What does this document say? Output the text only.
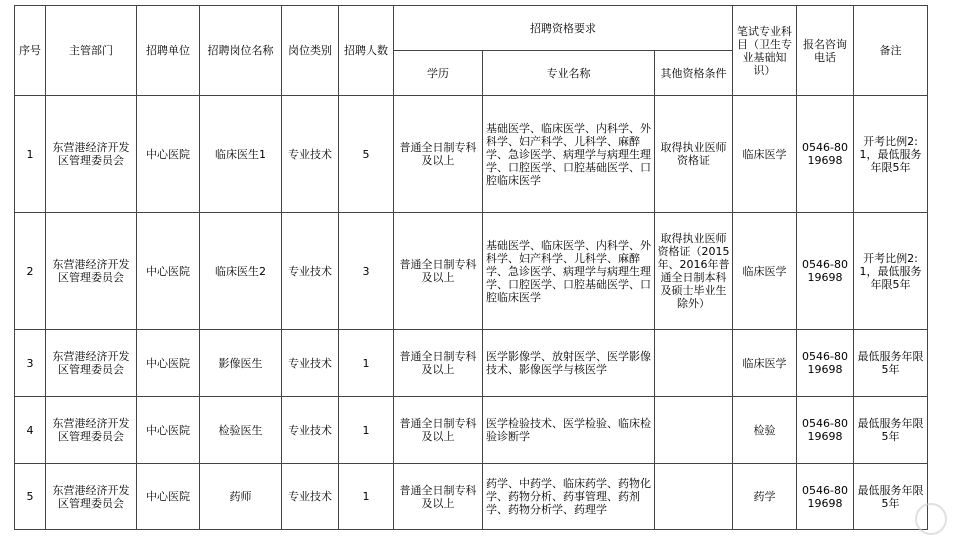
序号	主管部门	招聘单位	招聘岗位名称	岗位类别	招聘人数	招聘资格要求			笔试专业科目（卫生专业基础知识）	报名咨询电话	备注
						学历	专业名称	其他资格条件			
1	东营港经济开发区管理委员会	中心医院	临床医生1	专业技术	5	普通全日制专科及以上	基础医学、临床医学、内科学、外科学、妇产科学、儿科学、麻醉学、急诊医学、病理学与病理生理学、口腔医学、口腔基础医学、口腔临床医学	取得执业医师资格证	临床医学	0546-8019698	开考比例2:1，最低服务年限5年
2	东营港经济开发区管理委员会	中心医院	临床医生2	专业技术	3	普通全日制专科及以上	基础医学、临床医学、内科学、外科学、妇产科学、儿科学、麻醉学、急诊医学、病理学与病理生理学、口腔医学、口腔基础医学、口腔临床医学	取得执业医师资格证（2015年、2016年普通全日制本科及硕士毕业生除外）	临床医学	0546-8019698	开考比例2:1，最低服务年限5年
3	东营港经济开发区管理委员会	中心医院	影像医生	专业技术	1	普通全日制专科及以上	医学影像学、放射医学、医学影像技术、影像医学与核医学		临床医学	0546-8019698	最低服务年限5年
4	东营港经济开发区管理委员会	中心医院	检验医生	专业技术	1	普通全日制专科及以上	医学检验技术、医学检验、临床检验诊断学		检验	0546-8019698	最低服务年限5年
5	东营港经济开发区管理委员会	中心医院	药师	专业技术	1	普通全日制专科及以上	药学、中药学、临床药学、药物化学、药物分析、药事管理、药剂学、药物分析学、药理学		药学	0546-8019698	最低服务年限5年
